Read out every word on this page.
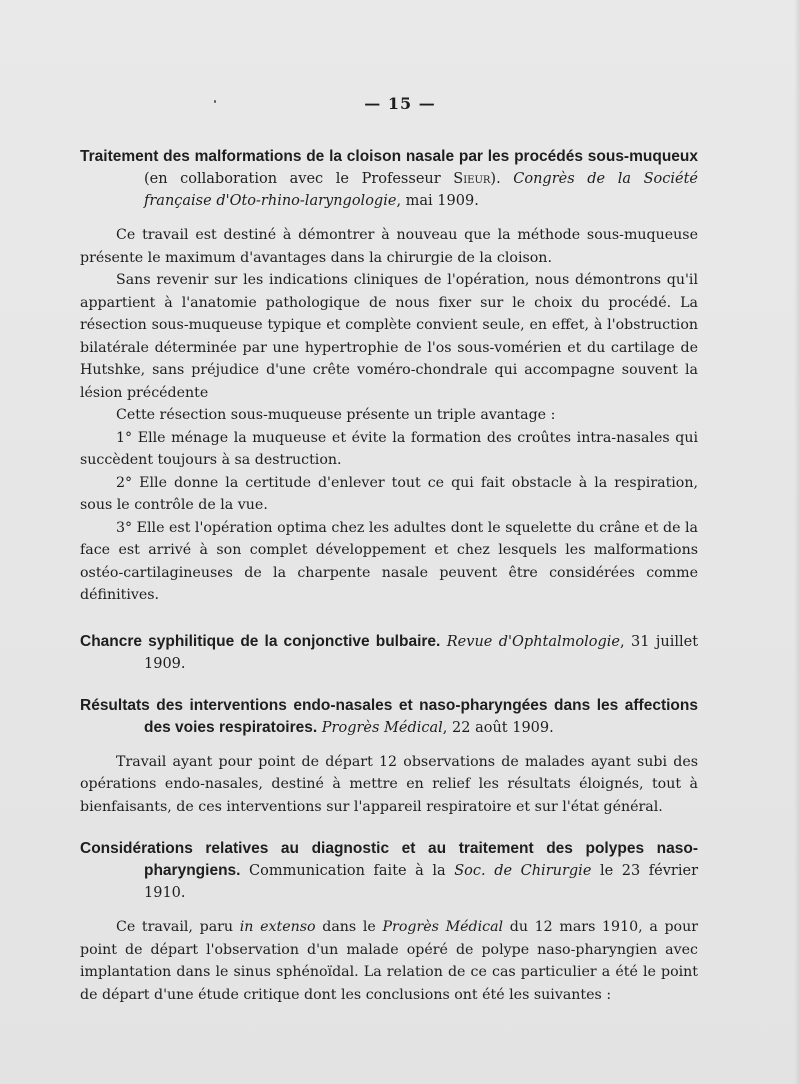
— 15 —

Traitement des malformations de la cloison nasale par les procédés sous-muqueux (en collaboration avec le Professeur Sieur). Congrès de la Société française d'Oto-rhino-laryngologie, mai 1909.

Ce travail est destiné à démontrer à nouveau que la méthode sous-muqueuse présente le maximum d'avantages dans la chirurgie de la cloison.

Sans revenir sur les indications cliniques de l'opération, nous démontrons qu'il appartient à l'anatomie pathologique de nous fixer sur le choix du procédé. La résection sous-muqueuse typique et complète convient seule, en effet, à l'obstruction bilatérale déterminée par une hypertrophie de l'os sous-vomérien et du cartilage de Hutshke, sans préjudice d'une crête voméro-chondrale qui accompagne souvent la lésion précédente

Cette résection sous-muqueuse présente un triple avantage :

1° Elle ménage la muqueuse et évite la formation des croûtes intra-nasales qui succèdent toujours à sa destruction.

2° Elle donne la certitude d'enlever tout ce qui fait obstacle à la respiration, sous le contrôle de la vue.

3° Elle est l'opération optima chez les adultes dont le squelette du crâne et de la face est arrivé à son complet développement et chez lesquels les malformations ostéo-cartilagineuses de la charpente nasale peuvent être considérées comme définitives.

Chancre syphilitique de la conjonctive bulbaire. Revue d'Ophtalmologie, 31 juillet 1909.

Résultats des interventions endo-nasales et naso-pharyngées dans les affections des voies respiratoires. Progrès Médical, 22 août 1909.

Travail ayant pour point de départ 12 observations de malades ayant subi des opérations endo-nasales, destiné à mettre en relief les résultats éloignés, tout à bienfaisants, de ces interventions sur l'appareil respiratoire et sur l'état général.

Considérations relatives au diagnostic et au traitement des polypes naso-pharyngiens. Communication faite à la Soc. de Chirurgie le 23 février 1910.

Ce travail, paru in extenso dans le Progrès Médical du 12 mars 1910, a pour point de départ l'observation d'un malade opéré de polype naso-pharyngien avec implantation dans le sinus sphénoïdal. La relation de ce cas particulier a été le point de départ d'une étude critique dont les conclusions ont été les suivantes :
